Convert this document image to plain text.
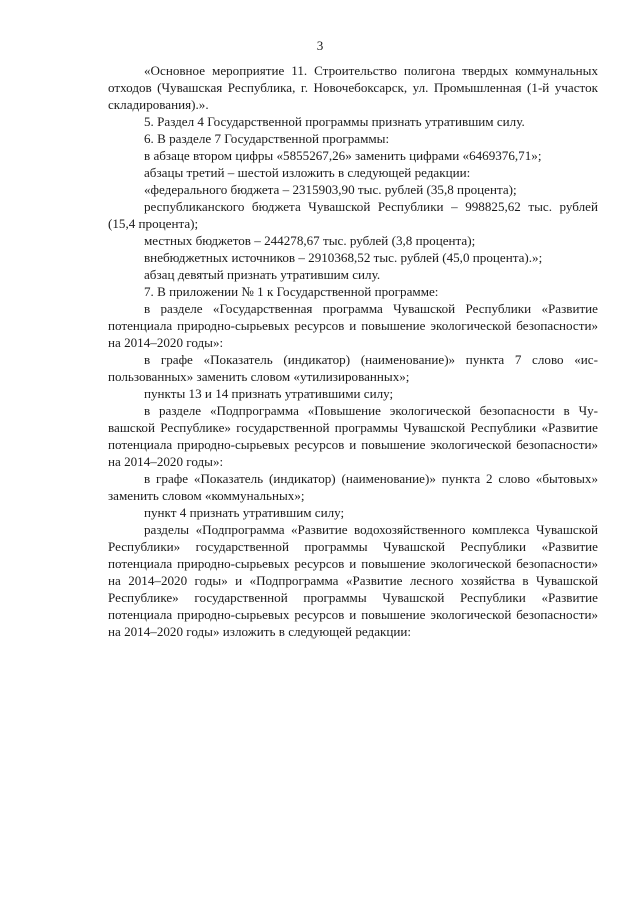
3

«Основное мероприятие 11. Строительство полигона твердых коммунальных отходов (Чувашская Республика, г. Новочебоксарск, ул. Промышленная (1-й участок складирования).».

5. Раздел 4 Государственной программы признать утратившим силу.

6. В разделе 7 Государственной программы:

в абзаце втором цифры «5855267,26» заменить цифрами «6469376,71»;

абзацы третий – шестой изложить в следующей редакции:

«федерального бюджета – 2315903,90 тыс. рублей (35,8 процента);

республиканского бюджета Чувашской Республики – 998825,62 тыс. рублей (15,4 процента);

местных бюджетов – 244278,67 тыс. рублей (3,8 процента);

внебюджетных источников – 2910368,52 тыс. рублей (45,0 процента).»;

абзац девятый признать утратившим силу.

7. В приложении № 1 к Государственной программе:

в разделе «Государственная программа Чувашской Республики «Развитие потенциала природно-сырьевых ресурсов и повышение экологической безопасности» на 2014–2020 годы»:

в графе «Показатель (индикатор) (наименование)» пункта 7 слово «использованных» заменить словом «утилизированных»;

пункты 13 и 14 признать утратившими силу;

в разделе «Подпрограмма «Повышение экологической безопасности в Чувашской Республике» государственной программы Чувашской Республики «Развитие потенциала природно-сырьевых ресурсов и повышение экологической безопасности» на 2014–2020 годы»:

в графе «Показатель (индикатор) (наименование)» пункта 2 слово «бытовых» заменить словом «коммунальных»;

пункт 4 признать утратившим силу;

разделы «Подпрограмма «Развитие водохозяйственного комплекса Чувашской Республики» государственной программы Чувашской Республики «Развитие потенциала природно-сырьевых ресурсов и повышение экологической безопасности» на 2014–2020 годы» и «Подпрограмма «Развитие лесного хозяйства в Чувашской Республике» государственной программы Чувашской Республики «Развитие потенциала природно-сырьевых ресурсов и повышение экологической безопасности» на 2014–2020 годы» изложить в следующей редакции:
